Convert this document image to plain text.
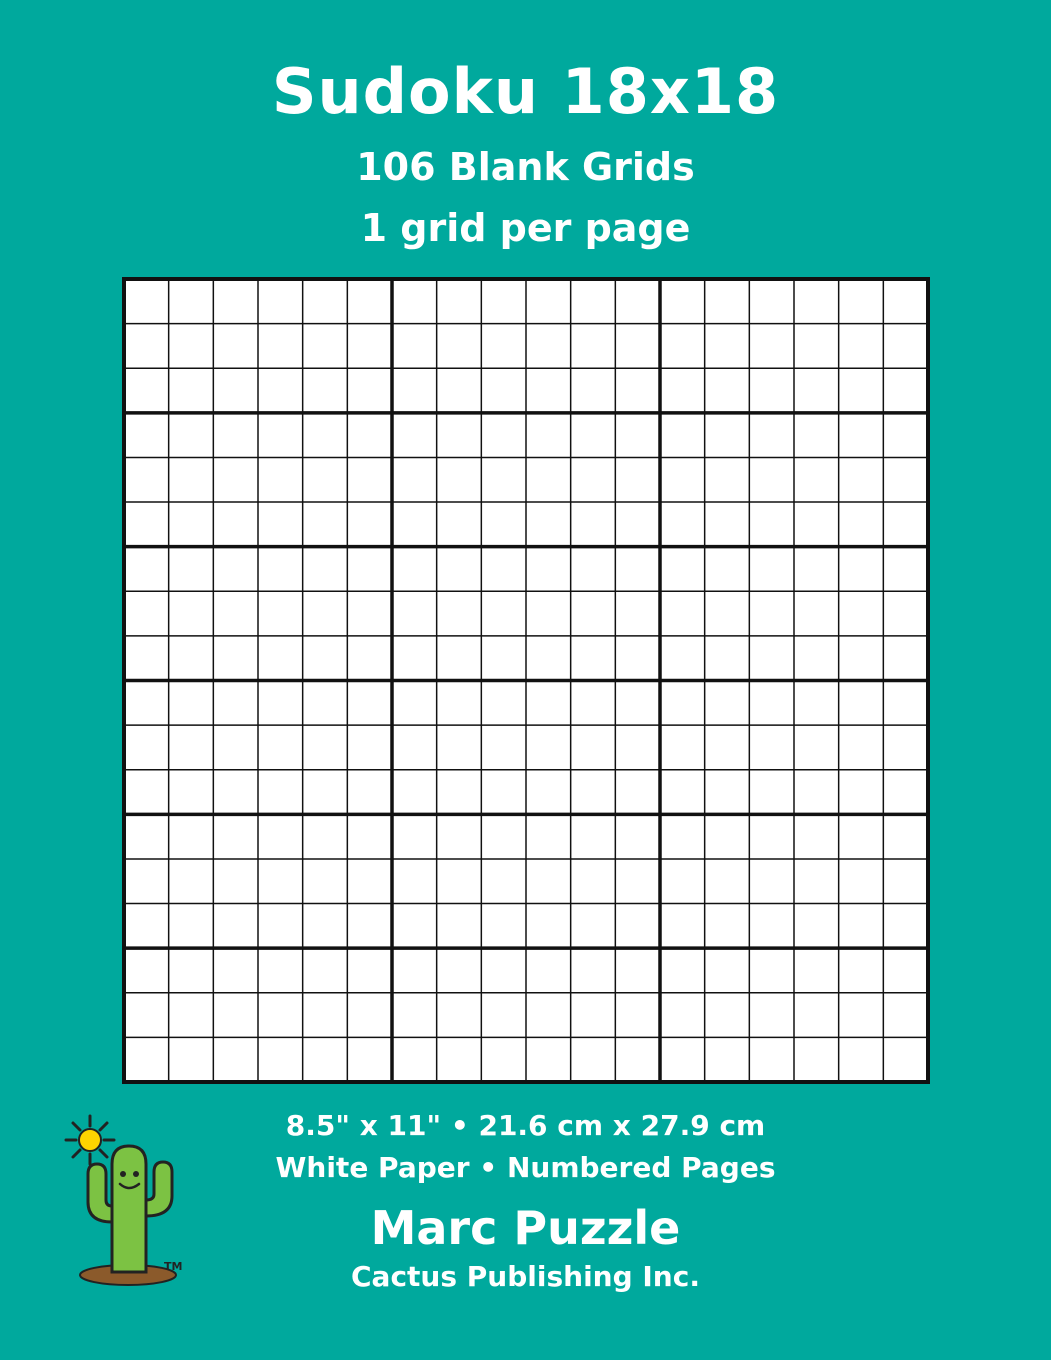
Sudoku 18x18
106 Blank Grids
1 grid per page
8.5" x 11" • 21.6 cm x 27.9 cm
White Paper • Numbered Pages
Marc Puzzle
Cactus Publishing Inc.
TM
